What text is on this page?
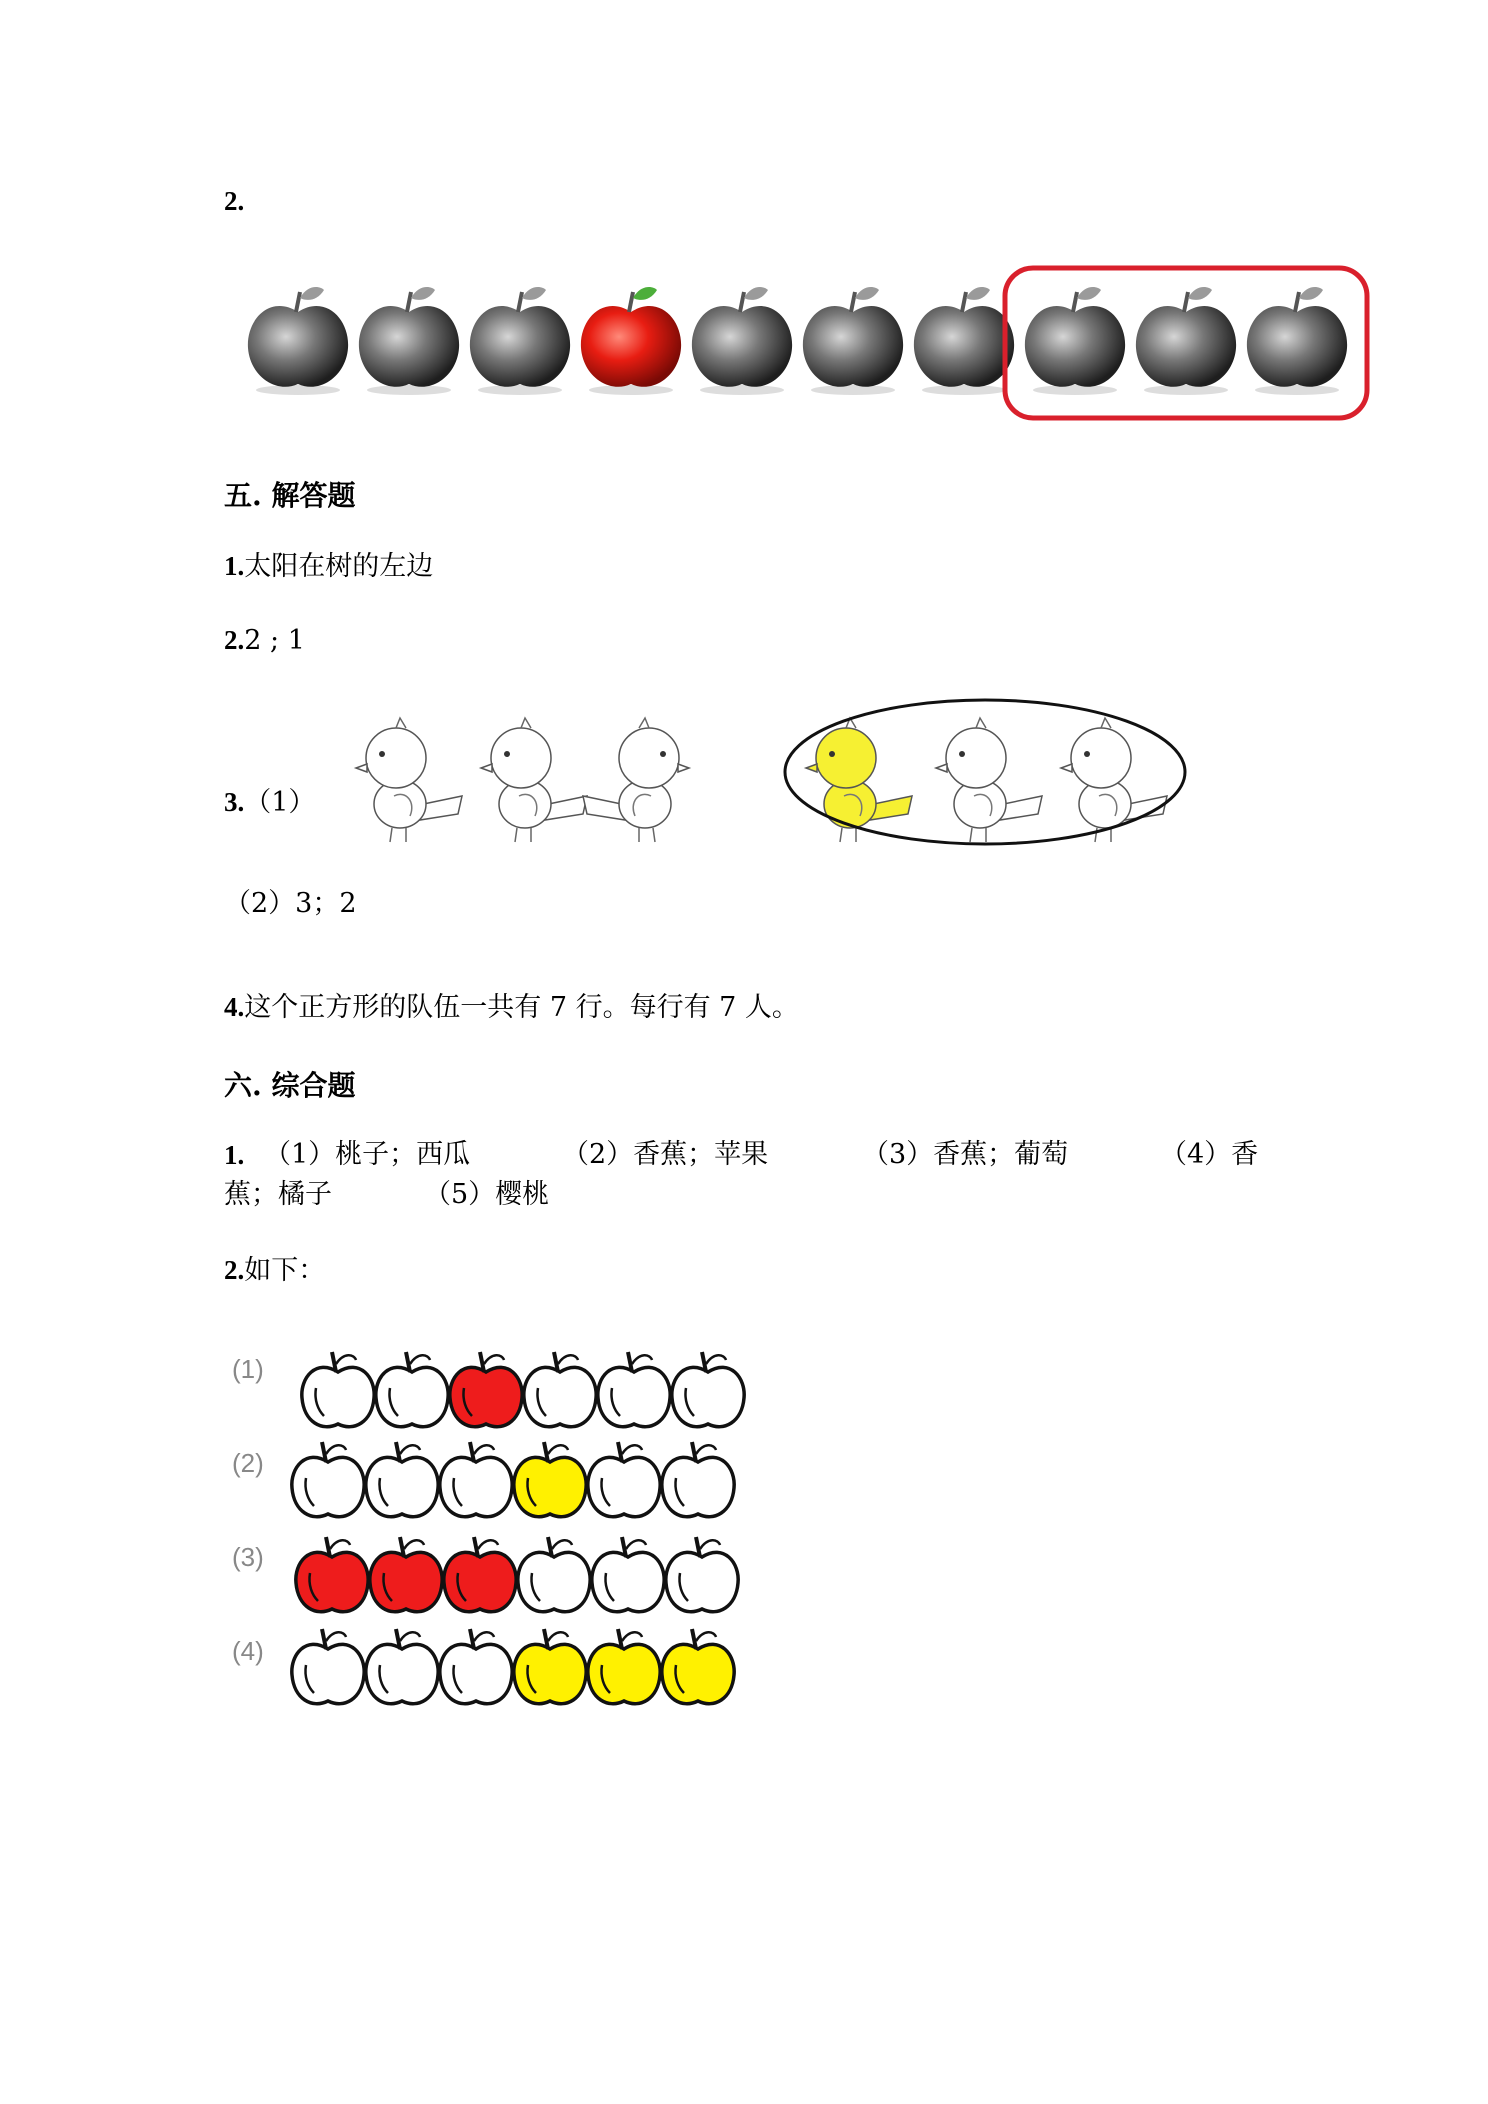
2.
五. 解答题
1.太阳在树的左边
2.2 ; 1
3.（1）
（2）3；2
4.这个正方形的队伍一共有 7 行。每行有 7 人。
六. 综合题
1. （1）桃子；西瓜	（2）香蕉；苹果	（3）香蕉；葡萄	（4）香
蕉；橘子	（5）樱桃
2.如下：
(1)
(2)
(3)
(4)
